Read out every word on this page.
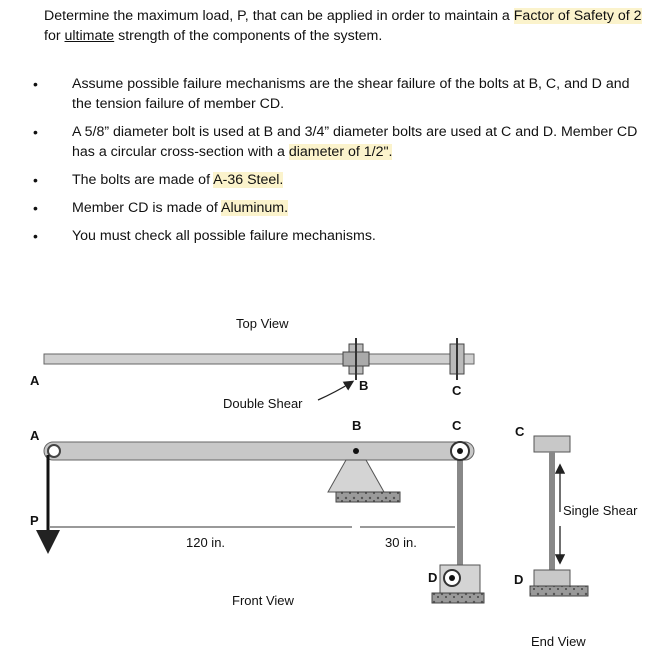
Determine the maximum load, P, that can be applied in order to maintain a Factor of Safety of 2 for ultimate strength of the components of the system.

• Assume possible failure mechanisms are the shear failure of the bolts at B, C, and D and the tension failure of member CD.
• A 5/8” diameter bolt is used at B and 3/4” diameter bolts are used at C and D. Member CD has a circular cross-section with a diameter of 1/2".
• The bolts are made of A-36 Steel.
• Member CD is made of Aluminum.
• You must check all possible failure mechanisms.
Top View
Double Shear
A	B	C
A
B	C
P
120 in.	30 in.
D
Front View
C
Single Shear
D
End View
